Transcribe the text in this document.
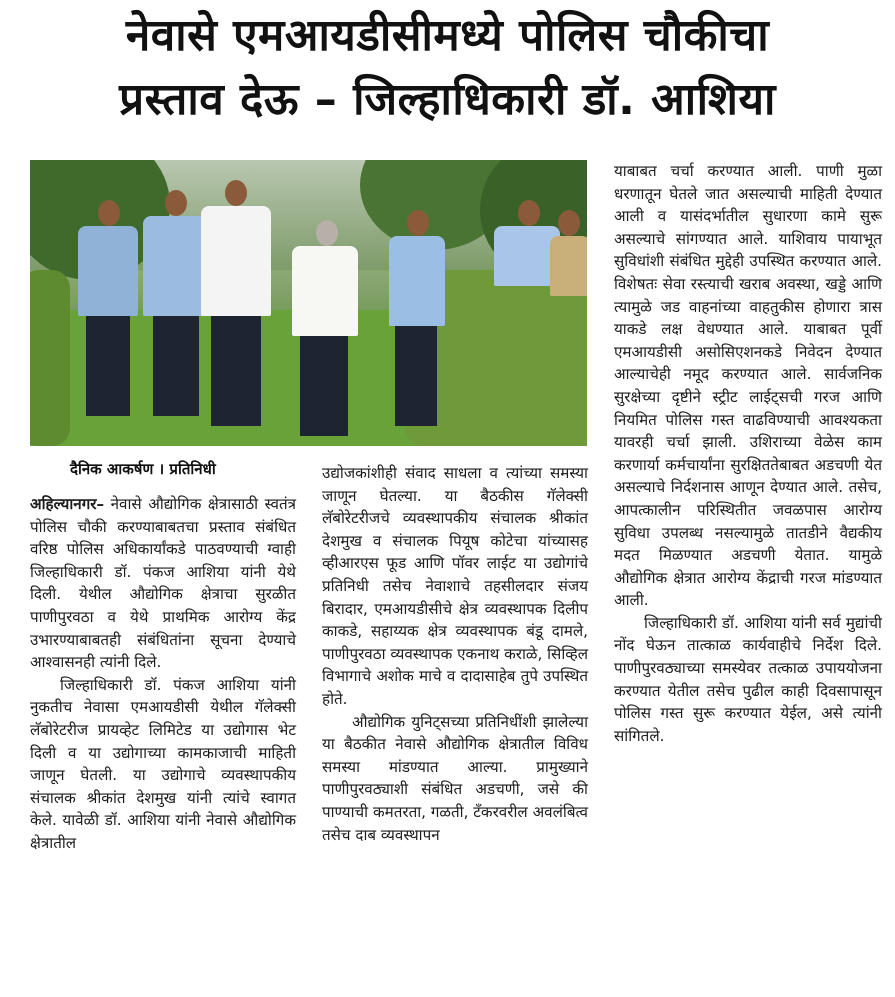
नेवासे एमआयडीसीमध्ये पोलिस चौकीचा
प्रस्ताव देऊ – जिल्हाधिकारी डॉ. आशिया
दैनिक आकर्षण । प्रतिनिधी

अहिल्यानगर– नेवासे औद्योगिक क्षेत्रासाठी स्वतंत्र पोलिस चौकी करण्याबाबतचा प्रस्ताव संबंधित वरिष्ठ पोलिस अधिकार्यांकडे पाठवण्याची ग्वाही जिल्हाधिकारी डॉ. पंकज आशिया यांनी येथे दिली. येथील औद्योगिक क्षेत्राचा सुरळीत पाणीपुरवठा व येथे प्राथमिक आरोग्य केंद्र उभारण्याबाबतही संबंधितांना सूचना देण्याचे आश्वासनही त्यांनी दिले.

जिल्हाधिकारी डॉ. पंकज आशिया यांनी नुकतीच नेवासा एमआयडीसी येथील गॅलेक्सी लॅबोरेटरीज प्रायव्हेट लिमिटेड या उद्योगास भेट दिली व या उद्योगाच्या कामकाजाची माहिती जाणून घेतली. या उद्योगाचे व्यवस्थापकीय संचालक श्रीकांत देशमुख यांनी त्यांचे स्वागत केले. यावेळी डॉ. आशिया यांनी नेवासे औद्योगिक क्षेत्रातील

उद्योजकांशीही संवाद साधला व त्यांच्या समस्या जाणून घेतल्या. या बैठकीस गॅलेक्सी लॅबोरेटरीजचे व्यवस्थापकीय संचालक श्रीकांत देशमुख व संचालक पियूष कोटेचा यांच्यासह व्हीआरएस फूड आणि पॉवर लाईट या उद्योगांचे प्रतिनिधी तसेच नेवाशाचे तहसीलदार संजय बिरादार, एमआयडीसीचे क्षेत्र व्यवस्थापक दिलीप काकडे, सहाय्यक क्षेत्र व्यवस्थापक बंडू दामले, पाणीपुरवठा व्यवस्थापक एकनाथ कराळे, सिव्हिल विभागाचे अशोक माचे व दादासाहेब तुपे उपस्थित होते.

औद्योगिक युनिट्सच्या प्रतिनिधींशी झालेल्या या बैठकीत नेवासे औद्योगिक क्षेत्रातील विविध समस्या मांडण्यात आल्या. प्रामुख्याने पाणीपुरवठ्याशी संबंधित अडचणी, जसे की पाण्याची कमतरता, गळती, टँकरवरील अवलंबित्व तसेच दाब व्यवस्थापन

याबाबत चर्चा करण्यात आली. पाणी मुळा धरणातून घेतले जात असल्याची माहिती देण्यात आली व यासंदर्भातील सुधारणा कामे सुरू असल्याचे सांगण्यात आले. याशिवाय पायाभूत सुविधांशी संबंधित मुद्देही उपस्थित करण्यात आले. विशेषतः सेवा रस्त्याची खराब अवस्था, खड्डे आणि त्यामुळे जड वाहनांच्या वाहतुकीस होणारा त्रास याकडे लक्ष वेधण्यात आले. याबाबत पूर्वी एमआयडीसी असोसिएशनकडे निवेदन देण्यात आल्याचेही नमूद करण्यात आले. सार्वजनिक सुरक्षेच्या दृष्टीने स्ट्रीट लाईट्सची गरज आणि नियमित पोलिस गस्त वाढविण्याची आवश्यकता यावरही चर्चा झाली. उशिराच्या वेळेस काम करणार्या कर्मचार्यांना सुरक्षिततेबाबत अडचणी येत असल्याचे निर्दशनास आणून देण्यात आले. तसेच, आपत्कालीन परिस्थितीत जवळपास आरोग्य सुविधा उपलब्ध नसल्यामुळे तातडीने वैद्यकीय मदत मिळण्यात अडचणी येतात. यामुळे औद्योगिक क्षेत्रात आरोग्य केंद्राची गरज मांडण्यात आली.

जिल्हाधिकारी डॉ. आशिया यांनी सर्व मुद्यांची नोंद घेऊन तात्काळ कार्यवाहीचे निर्देश दिले. पाणीपुरवठ्याच्या समस्येवर तत्काळ उपाययोजना करण्यात येतील तसेच पुढील काही दिवसापासून पोलिस गस्त सुरू करण्यात येईल, असे त्यांनी सांगितले.
